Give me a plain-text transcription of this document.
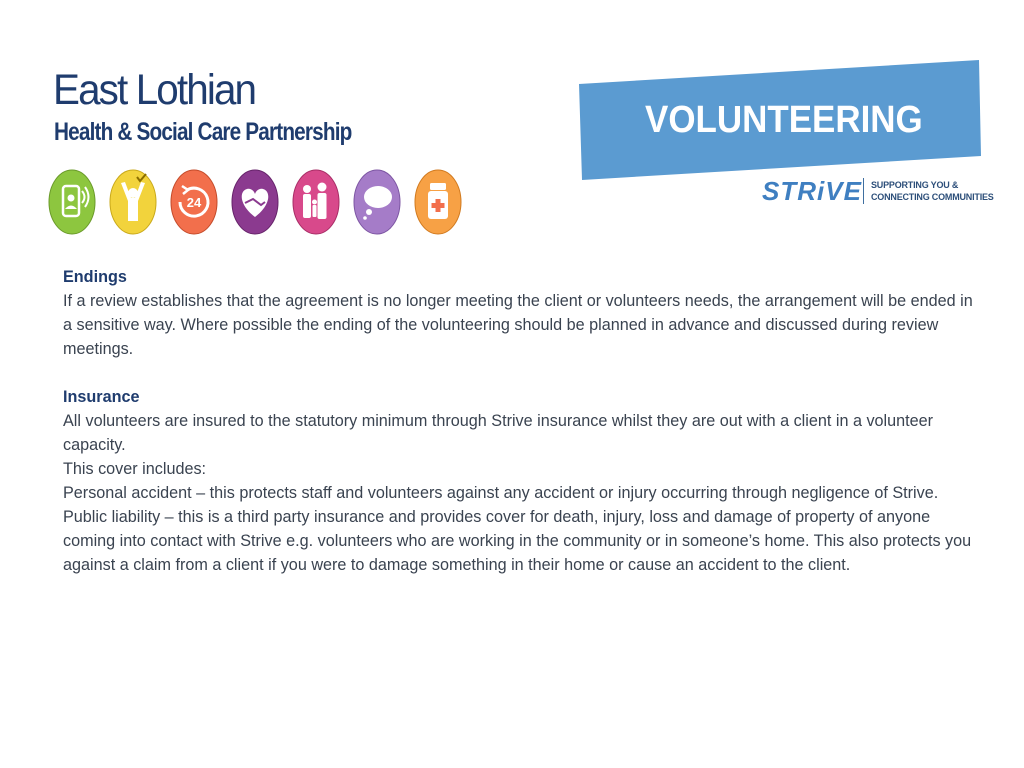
East Lothian
Health & Social Care Partnership
24
VOLUNTEERING
STRiVE SUPPORTING YOU &
CONNECTING COMMUNITIES
Endings

If a review establishes that the agreement is no longer meeting the client or volunteers needs, the arrangement will be ended in a sensitive way. Where possible the ending of the volunteering should be planned in advance and discussed during review meetings.

Insurance

All volunteers are insured to the statutory minimum through Strive insurance whilst they are out with a client in a volunteer capacity.

This cover includes:

Personal accident – this protects staff and volunteers against any accident or injury occurring through negligence of Strive.

Public liability – this is a third party insurance and provides cover for death, injury, loss and damage of property of anyone coming into contact with Strive e.g. volunteers who are working in the community or in someone’s home. This also protects you against a claim from a client if you were to damage something in their home or cause an accident to the client.
